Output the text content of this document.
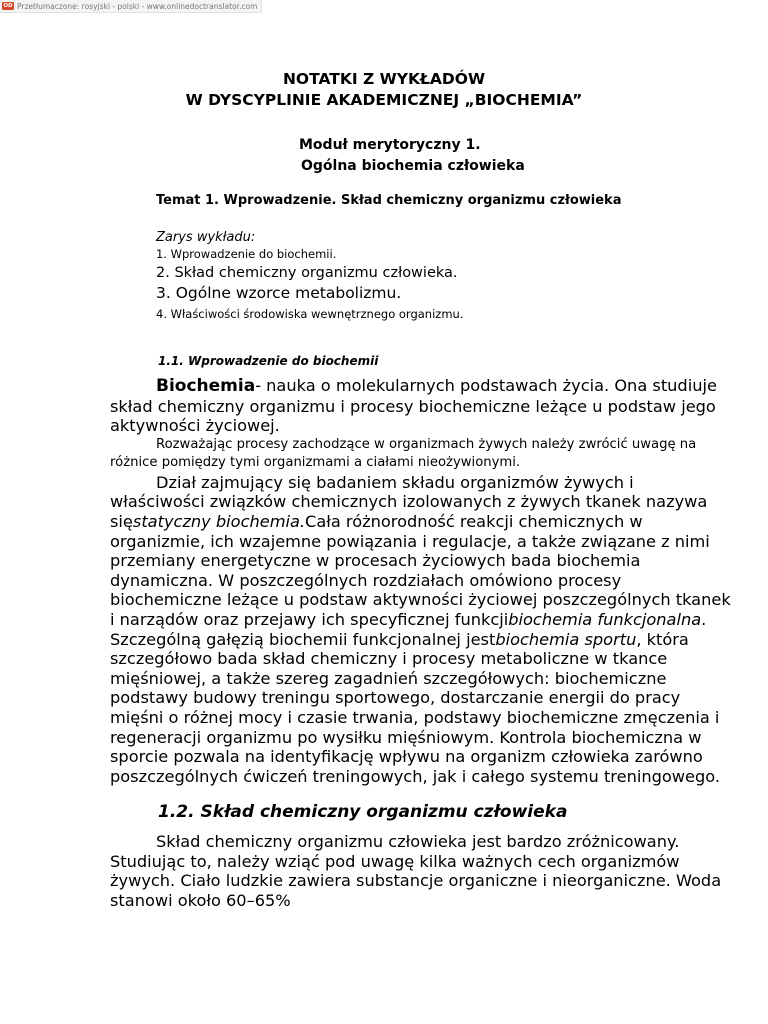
OD Przetłumaczone: rosyjski - polski - www.onlinedoctranslator.com
NOTATKI Z WYKŁADÓW
W DYSCYPLINIE AKADEMICZNEJ „BIOCHEMIA”
Moduł merytoryczny 1.
Ogólna biochemia człowieka
Temat 1. Wprowadzenie. Skład chemiczny organizmu człowieka
Zarys wykładu:
1. Wprowadzenie do biochemii.
2. Skład chemiczny organizmu człowieka.
3. Ogólne wzorce metabolizmu.
4. Właściwości środowiska wewnętrznego organizmu.
1.1. Wprowadzenie do biochemii

Biochemia- nauka o molekularnych podstawach życia. Ona studiuje skład chemiczny organizmu i procesy biochemiczne leżące u podstaw jego aktywności życiowej.

Rozważając procesy zachodzące w organizmach żywych należy zwrócić uwagę na różnice pomiędzy tymi organizmami a ciałami nieożywionymi.

Dział zajmujący się badaniem składu organizmów żywych i właściwości związków chemicznych izolowanych z żywych tkanek nazywa sięstatyczny biochemia.Cała różnorodność reakcji chemicznych w organizmie, ich wzajemne powiązania i regulacje, a także związane z nimi przemiany energetyczne w procesach życiowych bada biochemia dynamiczna. W poszczególnych rozdziałach omówiono procesy biochemiczne leżące u podstaw aktywności życiowej poszczególnych tkanek i narządów oraz przejawy ich specyficznej funkcjibiochemia funkcjonalna. Szczególną gałęzią biochemii funkcjonalnej jestbiochemia sportu, która szczegółowo bada skład chemiczny i procesy metaboliczne w tkance mięśniowej, a także szereg zagadnień szczegółowych: biochemiczne podstawy budowy treningu sportowego, dostarczanie energii do pracy mięśni o różnej mocy i czasie trwania, podstawy biochemiczne zmęczenia i regeneracji organizmu po wysiłku mięśniowym. Kontrola biochemiczna w sporcie pozwala na identyfikację wpływu na organizm człowieka zarówno poszczególnych ćwiczeń treningowych, jak i całego systemu treningowego.

1.2. Skład chemiczny organizmu człowieka

Skład chemiczny organizmu człowieka jest bardzo zróżnicowany. Studiując to, należy wziąć pod uwagę kilka ważnych cech organizmów żywych. Ciało ludzkie zawiera substancje organiczne i nieorganiczne. Woda stanowi około 60–65%
